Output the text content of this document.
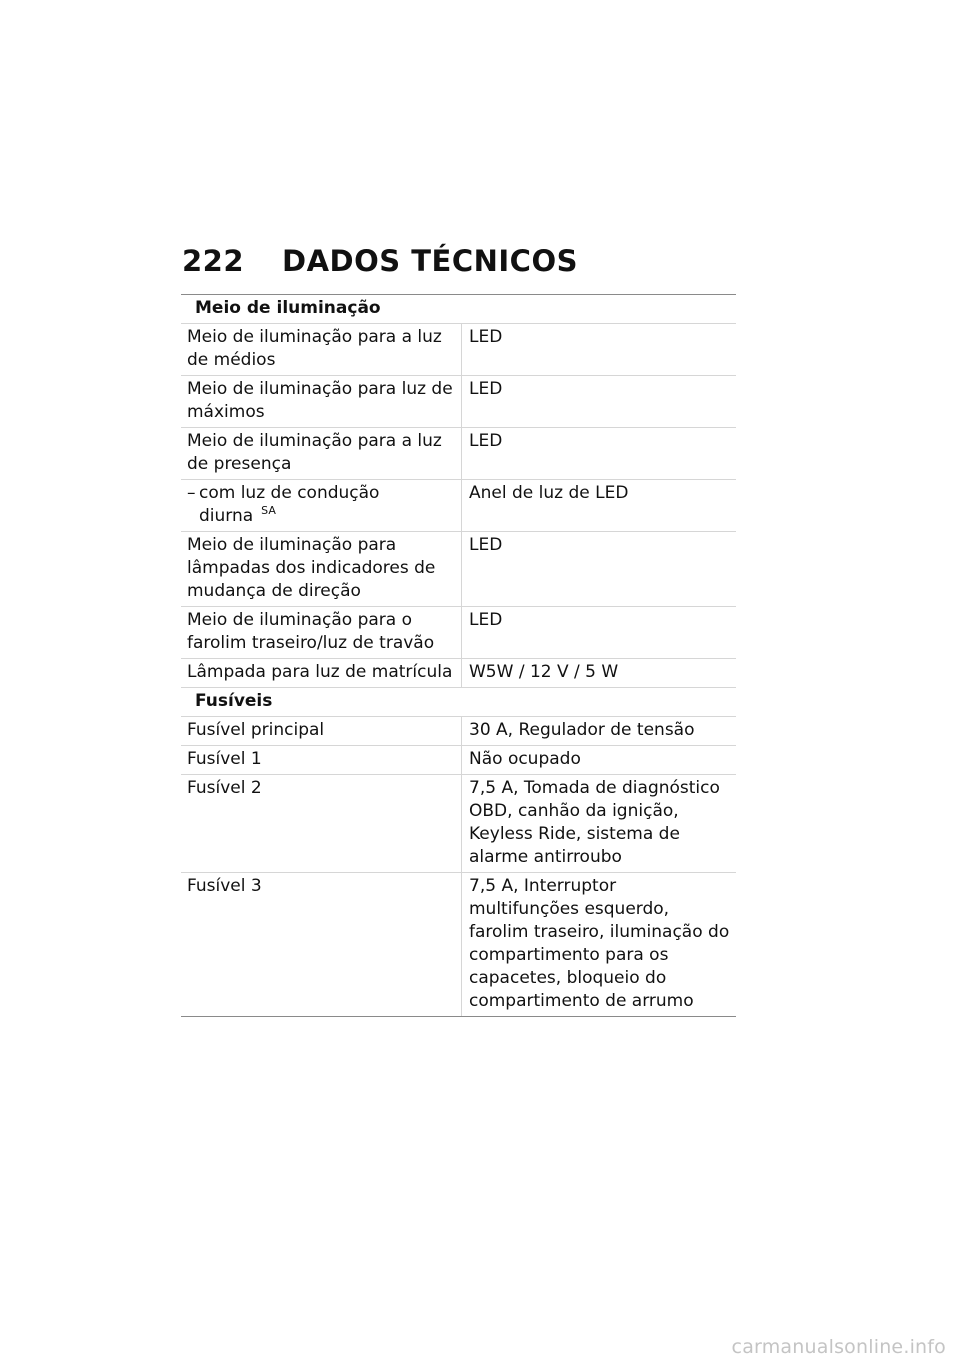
222	DADOS TÉCNICOS
Meio de iluminação	
Meio de iluminação para a luz de médios	LED
Meio de iluminação para luz de máximos	LED
Meio de iluminação para a luz de presença	LED

– com luz de condução diurna $^{SA}$	Anel de luz de LED
Meio de iluminação para lâmpadas dos indicadores de mudança de direção	LED
Meio de iluminação para o farolim traseiro/luz de travão	LED
Lâmpada para luz de matrícula	W5W / 12 V / 5 W
Fusíveis	
Fusível principal	30 A, Regulador de tensão
Fusível 1	Não ocupado
Fusível 2	7,5 A, Tomada de diagnóstico OBD, canhão da ignição, Keyless Ride, sistema de alarme antirroubo
Fusível 3	7,5 A, Interruptor multifunções esquerdo, farolim traseiro, iluminação do compartimento para os capacetes, bloqueio do compartimento de arrumo
carmanualsonline.info
